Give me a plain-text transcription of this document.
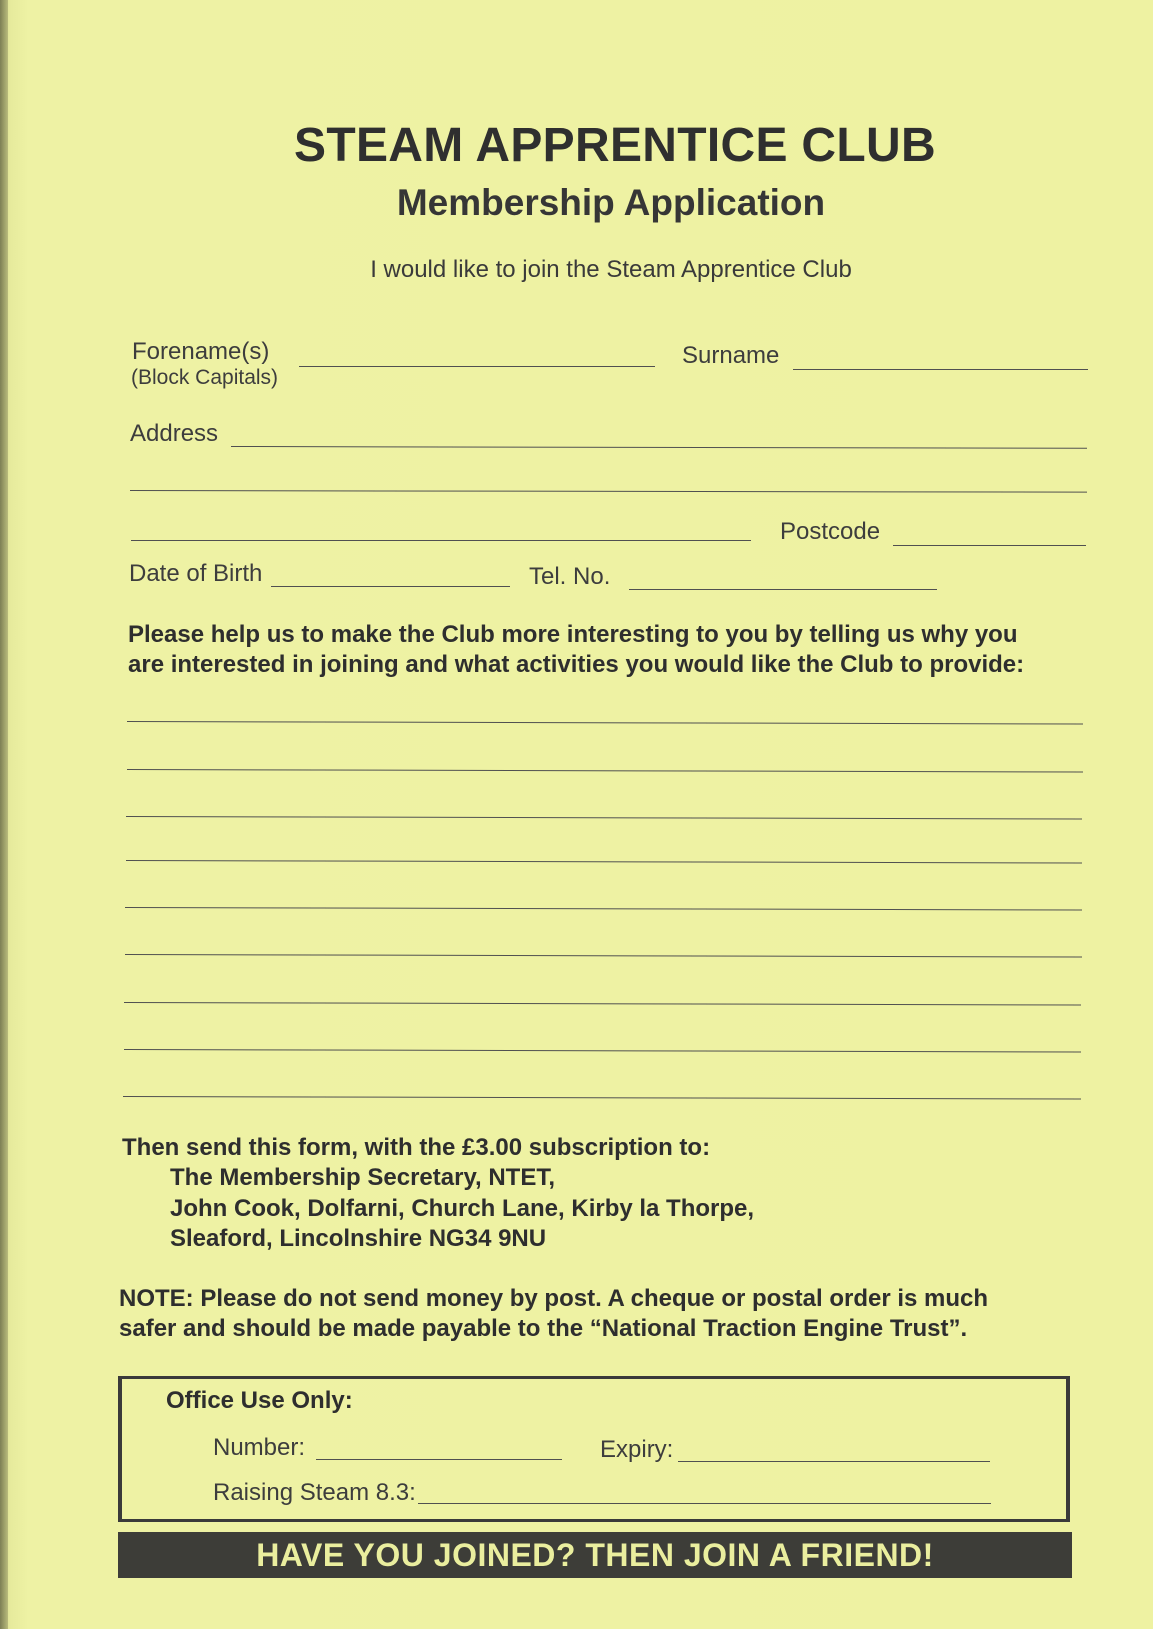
STEAM APPRENTICE CLUB
Membership Application
I would like to join the Steam Apprentice Club
Forename(s)
(Block Capitals)
Surname
Address
Postcode
Date of Birth	Tel. No.
Please help us to make the Club more interesting to you by telling us why you
are interested in joining and what activities you would like the Club to provide:
Then send this form, with the £3.00 subscription to:
The Membership Secretary, NTET,
John Cook, Dolfarni, Church Lane, Kirby la Thorpe,
Sleaford, Lincolnshire NG34 9NU
NOTE: Please do not send money by post. A cheque or postal order is much
safer and should be made payable to the “National Traction Engine Trust”.
Office Use Only:
Number:	Expiry:
Raising Steam 8.3:
HAVE YOU JOINED? THEN JOIN A FRIEND!
